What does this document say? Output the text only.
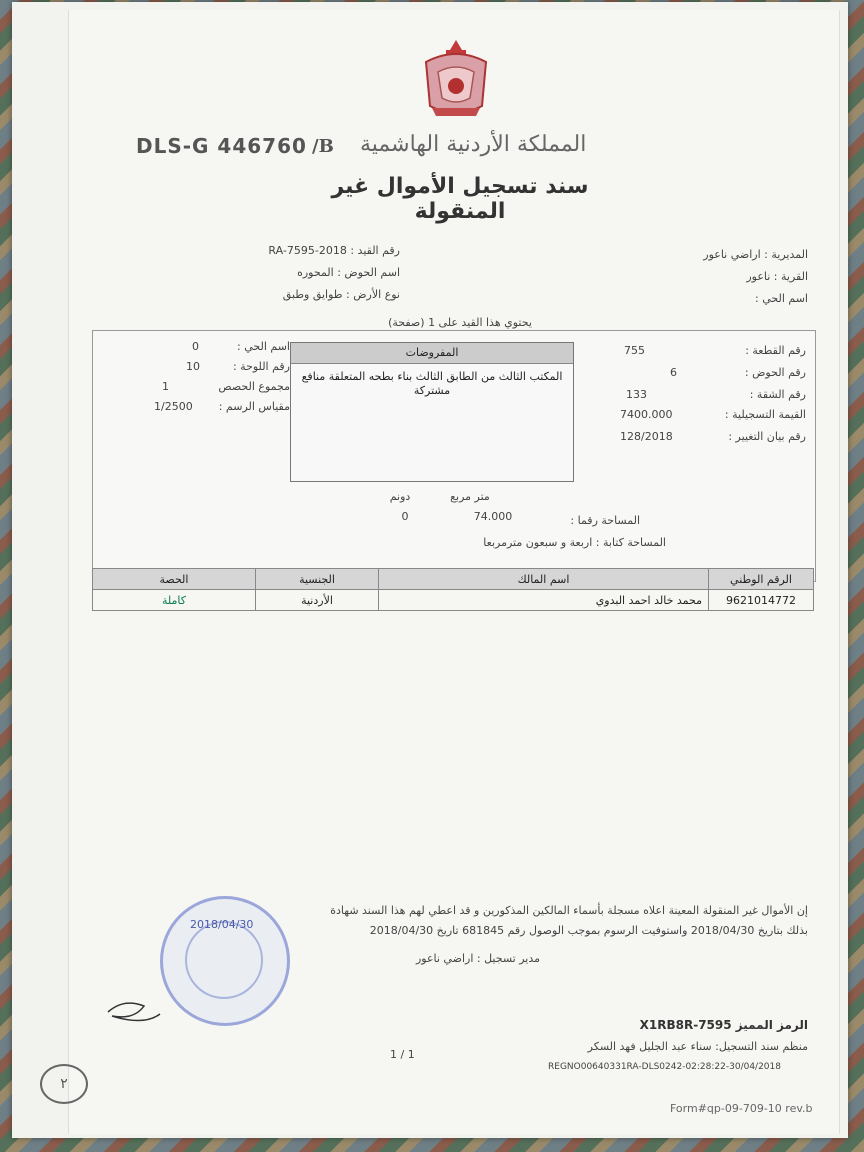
DLS-G 446760 /B المملكة الأردنية الهاشمية
سند تسجيل الأموال غير المنقولة
رقم القيد : 2018-RA-7595
اسم الحوض : المحوره
نوع الأرض : طوايق وطبق
المديرية : اراضي ناعور
القرية : ناعور
اسم الحي :
يحتوي هذا القيد على 1 (صفحة)
رقم القطعة :
755
رقم الحوض :
6
رقم الشقة :
133
القيمة التسجيلية :
7400.000
رقم بيان التغيير :
128/2018
اسم الحي :
0
رقم اللوحة :
10
مجموع الحصص
1
مقياس الرسم :
1/2500
المفروضات
المكتب الثالث من الطابق الثالث بناء بطحه المتعلقة منافع مشتركة
متر مربع
دونم
المساحة رقما :
74.000
0
المساحة كتابة : اربعة و سبعون مترمربعا
الحصة	الجنسية	اسم المالك	الرقم الوطني
كاملة	الأردنية	محمد خالد احمد البدوي	9621014772
إن الأموال غير المنقولة المعينة اعلاه مسجلة بأسماء المالكين المذكورين و قد اعطي لهم هذا السند شهادة
بذلك بتاريخ 2018/04/30 واستوفيت الرسوم بموجب الوصول رقم 681845 تاريخ 2018/04/30
مدير تسجيل : اراضي ناعور
2018/04/30
الرمز المميز 7595-X1RB8R
منظم سند التسجيل: سناء عبد الجليل فهد السكر
1 / 1
REGNO00640331RA-DLS0242-02:28:22-30/04/2018
Form#qp-09-709-10 rev.b
٢
